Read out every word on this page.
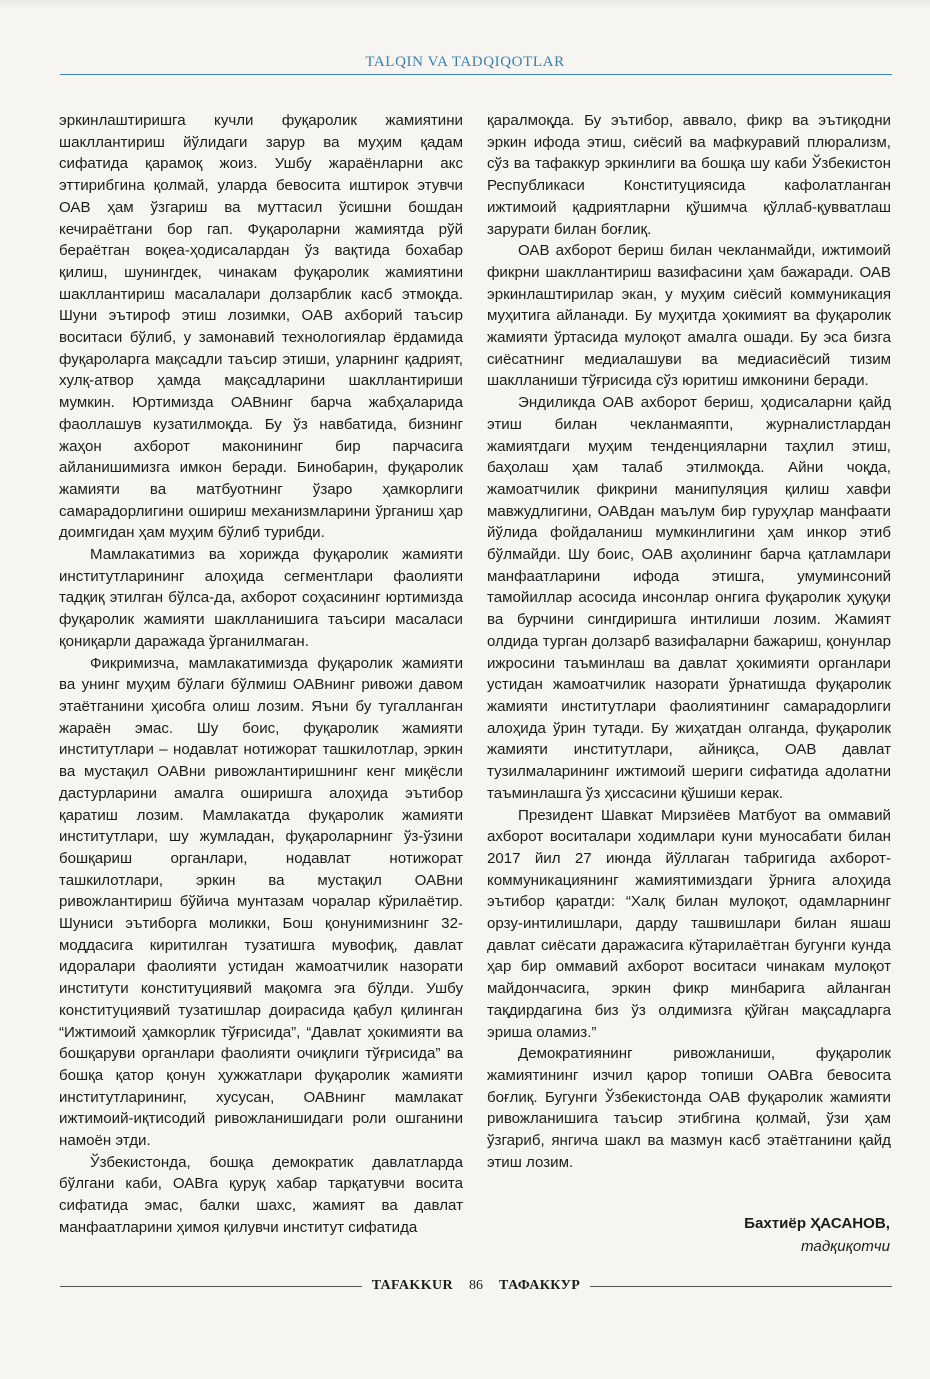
TALQIN VA TADQIQOTLAR

эркинлаштиришга кучли фуқаролик жамиятини шакллантириш йўлидаги зарур ва муҳим қадам сифатида қарамоқ жоиз. Ушбу жараёнларни акс эттирибгина қолмай, уларда бевосита иштирок этувчи ОАВ ҳам ўзгариш ва муттасил ўсишни бошдан кечираётгани бор гап. Фуқароларни жамиятда рўй бераётган воқеа-ҳодисалардан ўз вақтида бохабар қилиш, шунингдек, чинакам фуқаролик жамиятини шакллантириш масалалари долзарблик касб этмоқда. Шуни эътироф этиш лозимки, ОАВ ахборий таъсир воситаси бўлиб, у замонавий технологиялар ёрдамида фуқароларга мақсадли таъсир этиши, уларнинг қадрият, хулқ-атвор ҳамда мақсадларини шакллантириши мумкин. Юртимизда ОАВнинг барча жабҳаларида фаоллашув кузатилмоқда. Бу ўз навбатида, бизнинг жаҳон ахборот маконининг бир парчасига айланишимизга имкон беради. Бинобарин, фуқаролик жамияти ва матбуотнинг ўзаро ҳамкорлиги самарадорлигини ошириш механизмларини ўрганиш ҳар доимгидан ҳам муҳим бўлиб турибди.

Мамлакатимиз ва хорижда фуқаролик жамияти институтларининг алоҳида сегментлари фаолияти тадқиқ этилган бўлса-да, ахборот соҳасининг юртимизда фуқаролик жамияти шаклланишига таъсири масаласи қониқарли даражада ўрганилмаган.

Фикримизча, мамлакатимизда фуқаролик жамияти ва унинг муҳим бўлаги бўлмиш ОАВнинг ривожи давом этаётганини ҳисобга олиш лозим. Яъни бу тугалланган жараён эмас. Шу боис, фуқаролик жамияти институтлари – нодавлат нотижорат ташкилотлар, эркин ва мустақил ОАВни ривожлантиришнинг кенг миқёсли дастурларини амалга оширишга алоҳида эътибор қаратиш лозим. Мамлакатда фуқаролик жамияти институтлари, шу жумладан, фуқароларнинг ўз-ўзини бошқариш органлари, нодавлат нотижорат ташкилотлари, эркин ва мустақил ОАВни ривожлантириш бўйича мунтазам чоралар кўрилаётир. Шуниси эътиборга моликки, Бош қонунимизнинг 32-моддасига киритилган тузатишга мувофиқ, давлат идоралари фаолияти устидан жамоатчилик назорати институти конституциявий мақомга эга бўлди. Ушбу конституциявий тузатишлар доирасида қабул қилинган “Ижтимоий ҳамкорлик тўғрисида”, “Давлат ҳокимияти ва бошқаруви органлари фаолияти очиқлиги тўғрисида” ва бошқа қатор қонун ҳужжатлари фуқаролик жамияти институтларининг, хусусан, ОАВнинг мамлакат ижтимоий-иқтисодий ривожланишидаги роли ошганини намоён этди.

Ўзбекистонда, бошқа демократик давлатларда бўлгани каби, ОАВга қуруқ хабар тарқатувчи восита сифатида эмас, балки шахс, жамият ва давлат манфаатларини ҳимоя қилувчи институт сифатида

қаралмоқда. Бу эътибор, аввало, фикр ва эътиқодни эркин ифода этиш, сиёсий ва мафкуравий плюрализм, сўз ва тафаккур эркинлиги ва бошқа шу каби Ўзбекистон Республикаси Конституциясида кафолатланган ижтимоий қадриятларни қўшимча қўллаб-қувватлаш зарурати билан боғлиқ.

ОАВ ахборот бериш билан чекланмайди, ижтимоий фикрни шакллантириш вазифасини ҳам бажаради. ОАВ эркинлаштирилар экан, у муҳим сиёсий коммуникация муҳитига айланади. Бу муҳитда ҳокимият ва фуқаролик жамияти ўртасида мулоқот амалга ошади. Бу эса бизга сиёсатнинг медиалашуви ва медиасиёсий тизим шаклланиши тўғрисида сўз юритиш имконини беради.

Эндиликда ОАВ ахборот бериш, ҳодисаларни қайд этиш билан чекланмаяпти, журналистлардан жамиятдаги муҳим тенденцияларни таҳлил этиш, баҳолаш ҳам талаб этилмоқда. Айни чоқда, жамоатчилик фикрини манипуляция қилиш хавфи мавжудлигини, ОАВдан маълум бир гуруҳлар манфаати йўлида фойдаланиш мумкинлигини ҳам инкор этиб бўлмайди. Шу боис, ОАВ аҳолининг барча қатламлари манфаатларини ифода этишга, умуминсоний тамойиллар асосида инсонлар онгига фуқаролик ҳуқуқи ва бурчини сингдиришга интилиши лозим. Жамият олдида турган долзарб вазифаларни бажариш, қонунлар ижросини таъминлаш ва давлат ҳокимияти органлари устидан жамоатчилик назорати ўрнатишда фуқаролик жамияти институтлари фаолиятининг самарадорлиги алоҳида ўрин тутади. Бу жиҳатдан олганда, фуқаролик жамияти институтлари, айниқса, ОАВ давлат тузилмаларининг ижтимоий шериги сифатида адолатни таъминлашга ўз ҳиссасини қўшиши керак.

Президент Шавкат Мирзиёев Матбуот ва оммавий ахборот воситалари ходимлари куни муносабати билан 2017 йил 27 июнда йўллаган табригида ахборот-коммуникациянинг жамиятимиздаги ўрнига алоҳида эътибор қаратди: “Халқ билан мулоқот, одамларнинг орзу-интилишлари, дарду ташвишлари билан яшаш давлат сиёсати даражасига кўтарилаётган бугунги кунда ҳар бир оммавий ахборот воситаси чинакам мулоқот майдончасига, эркин фикр минбарига айланган тақдирдагина биз ўз олдимизга қўйган мақсадларга эриша оламиз.”

Демократиянинг ривожланиши, фуқаролик жамиятининг изчил қарор топиши ОАВга бевосита боғлиқ. Бугунги Ўзбекистонда ОАВ фуқаролик жамияти ривожланишига таъсир этибгина қолмай, ўзи ҳам ўзгариб, янгича шакл ва мазмун касб этаётганини қайд этиш лозим.

Бахтиёр ҲАСАНОВ,
тадқиқотчи
TAFAKKUR	86	ТАФАККУР
